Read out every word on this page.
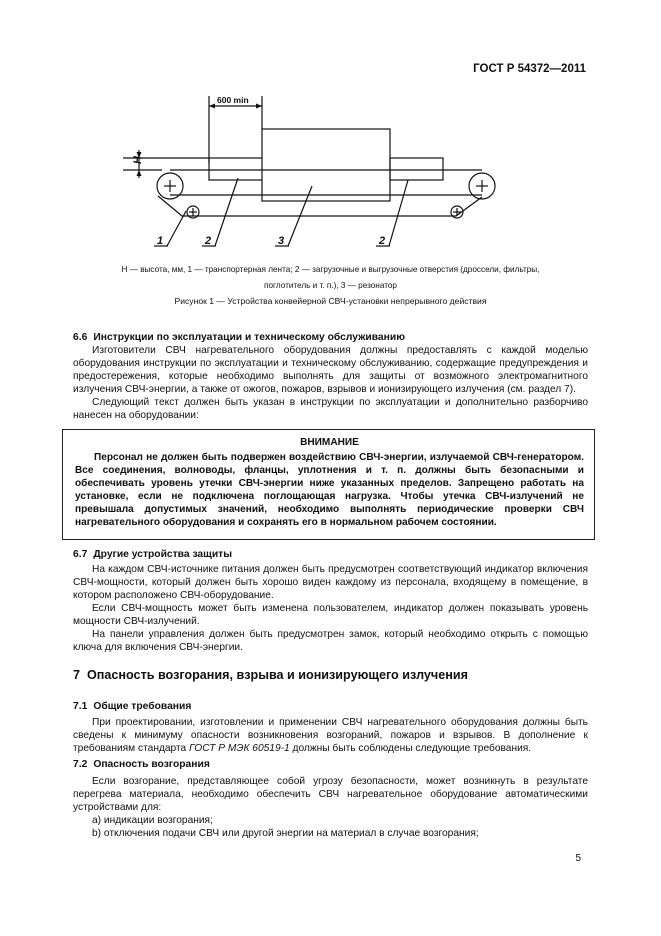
ГОСТ Р 54372—2011
600 min
H
1	2	3	2

H — высота, мм, 1 — транспортерная лента; 2 — загрузочные и выгрузочные отверстия (дроссели, фильтры,

поглотитель и т. п.), 3 — резонатор

Рисунок 1 — Устройства конвейерной СВЧ-установки непрерывного действия
6.6 Инструкции по эксплуатации и техническому обслуживанию

Изготовители СВЧ нагревательного оборудования должны предоставлять с каждой моделью оборудования инструкции по эксплуатации и техническому обслуживанию, содержащие предупреждения и предостережения, которые необходимо выполнять для защиты от возможного электромагнитного излучения СВЧ-энергии, а также от ожогов, пожаров, взрывов и ионизирующего излучения (см. раздел 7).

Следующий текст должен быть указан в инструкции по эксплуатации и дополнительно разборчиво нанесен на оборудовании:

ВНИМАНИЕ
Персонал не должен быть подвержен воздействию СВЧ-энергии, излучаемой СВЧ-генератором. Все соединения, волноводы, фланцы, уплотнения и т. п. должны быть безопасными и обеспечивать уровень утечки СВЧ-энергии ниже указанных пределов. Запрещено работать на установке, если не подключена поглощающая нагрузка. Чтобы утечка СВЧ-излучений не превышала допустимых значений, необходимо выполнять периодические проверки СВЧ нагревательного оборудования и сохранять его в нормальном рабочем состоянии.
6.7 Другие устройства защиты

На каждом СВЧ-источнике питания должен быть предусмотрен соответствующий индикатор включения СВЧ-мощности, который должен быть хорошо виден каждому из персонала, входящему в помещение, в котором расположено СВЧ-оборудование.

Если СВЧ-мощность может быть изменена пользователем, индикатор должен показывать уровень мощности СВЧ-излучений.

На панели управления должен быть предусмотрен замок, который необходимо открыть с помощью ключа для включения СВЧ-энергии.

7 Опасность возгорания, взрыва и ионизирующего излучения
7.1 Общие требования

При проектировании, изготовлении и применении СВЧ нагревательного оборудования должны быть сведены к минимуму опасности возникновения возгораний, пожаров и взрывов. В дополнение к требованиям стандарта ГОСТ Р МЭК 60519-1 должны быть соблюдены следующие требования.

7.2 Опасность возгорания

Если возгорание, представляющее собой угрозу безопасности, может возникнуть в результате перегрева материала, необходимо обеспечить СВЧ нагревательное оборудование автоматическими устройствами для:

a) индикации возгорания;

b) отключения подачи СВЧ или другой энергии на материал в случае возгорания;

5
